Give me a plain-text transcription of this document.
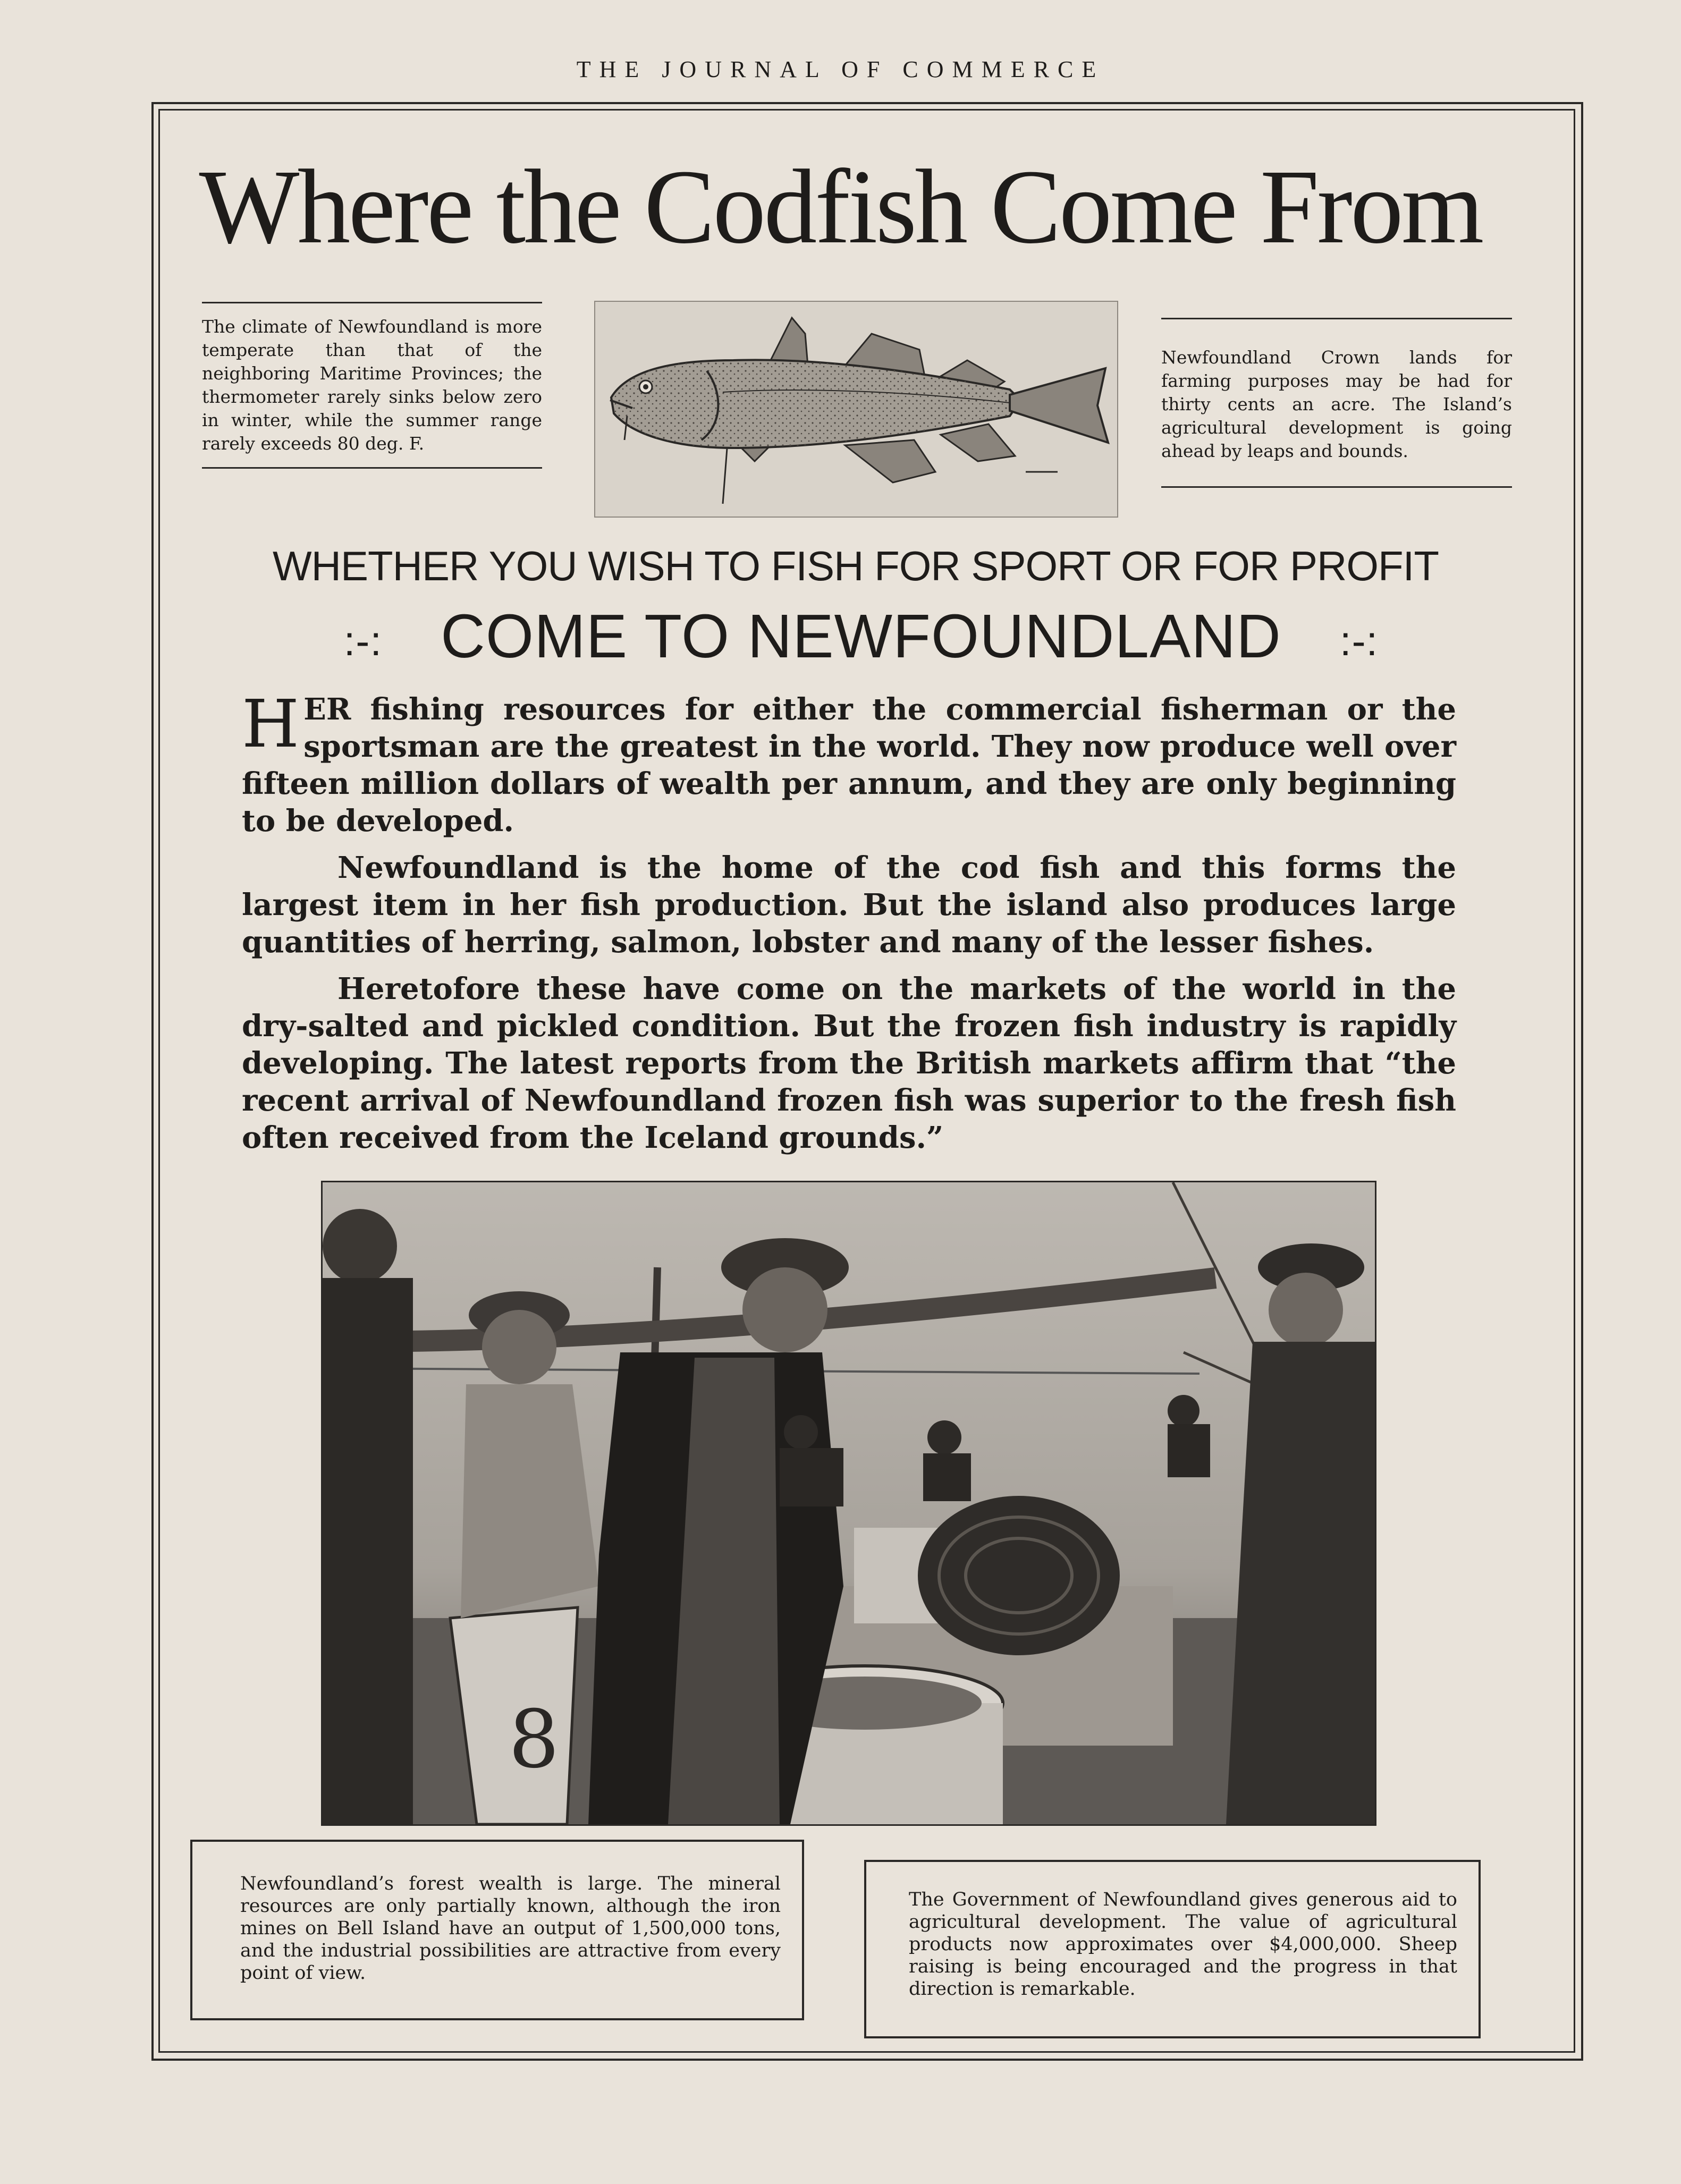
THE JOURNAL OF COMMERCE
Where the Codfish Come From
The climate of Newfoundland is more temperate than that of the neighboring Maritime Provinces; the thermometer rarely sinks below zero in winter, while the summer range rarely exceeds 80 deg. F.
Newfoundland Crown lands for farming purposes may be had for thirty cents an acre. The Island’s agricultural development is going ahead by leaps and bounds.
WHETHER YOU WISH TO FISH FOR SPORT OR FOR PROFIT
:-: COME TO NEWFOUNDLAND :-:

HER fishing resources for either the commercial fisherman or the sportsman are the greatest in the world. They now produce well over fifteen million dollars of wealth per annum, and they are only beginning to be developed.

Newfoundland is the home of the cod fish and this forms the largest item in her fish production. But the island also produces large quantities of herring, salmon, lobster and many of the lesser fishes.

Heretofore these have come on the markets of the world in the dry-salted and pickled condition. But the frozen fish industry is rapidly developing. The latest reports from the British markets affirm that “the recent arrival of Newfoundland frozen fish was superior to the fresh fish often received from the Iceland grounds.”

8
Newfoundland’s forest wealth is large. The mineral resources are only partially known, although the iron mines on Bell Island have an output of 1,500,000 tons, and the industrial possibilities are attractive from every point of view.
The Government of Newfoundland gives generous aid to agricultural development. The value of agricultural products now approximates over $4,000,000. Sheep raising is being encouraged and the progress in that direction is remarkable.
